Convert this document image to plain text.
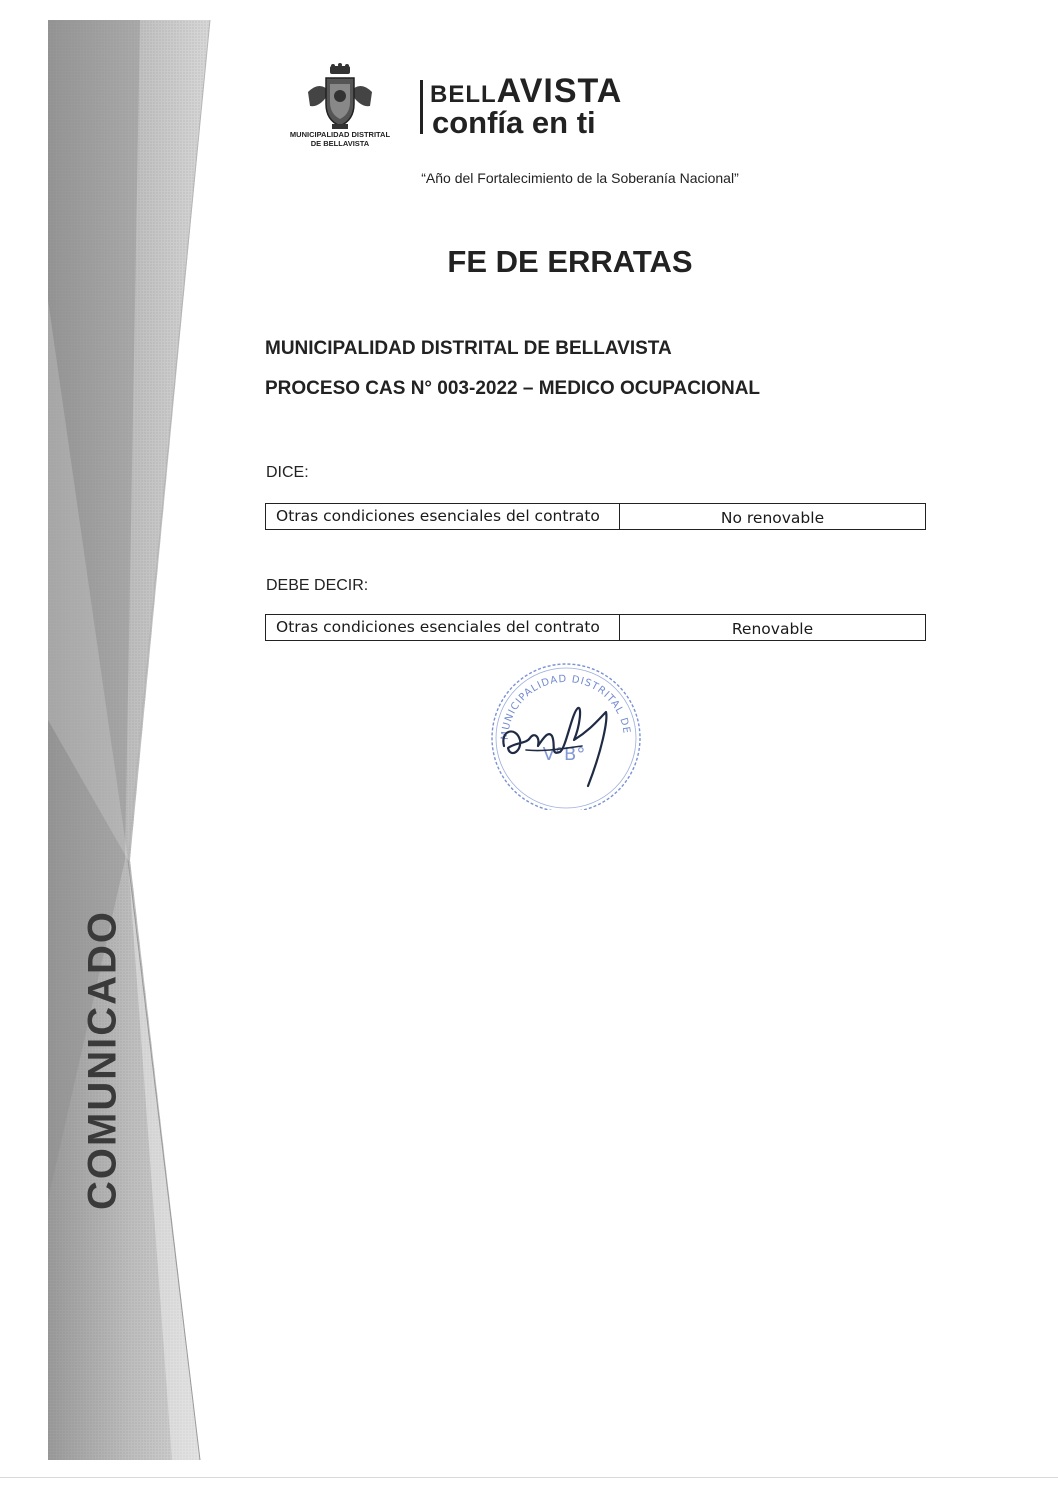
COMUNICADO
MUNICIPALIDAD DISTRITAL
DE BELLAVISTA
BELLAVISTA
confía en ti
“Año del Fortalecimiento de la Soberanía Nacional”
FE DE ERRATAS
MUNICIPALIDAD DISTRITAL DE BELLAVISTA
PROCESO CAS N° 003-2022 – MEDICO OCUPACIONAL
DICE:
Otras condiciones esenciales del contrato	No renovable
DEBE DECIR:
Otras condiciones esenciales del contrato	Renovable
MUNICIPALIDAD DISTRITAL DE
V°B°
